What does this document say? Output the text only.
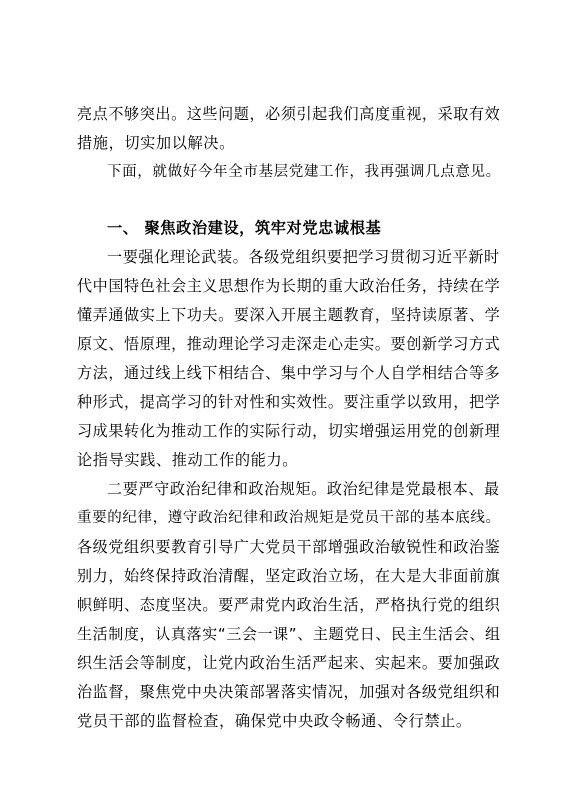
亮点不够突出。这些问题，必须引起我们高度重视，采取有效
措施，切实加以解决。
下面，就做好今年全市基层党建工作，我再强调几点意见。
一、 聚焦政治建设，筑牢对党忠诚根基
一要强化理论武装。各级党组织要把学习贯彻习近平新时
代中国特色社会主义思想作为长期的重大政治任务，持续在学
懂弄通做实上下功夫。要深入开展主题教育，坚持读原著、学
原文、悟原理，推动理论学习走深走心走实。要创新学习方式
方法，通过线上线下相结合、集中学习与个人自学相结合等多
种形式，提高学习的针对性和实效性。要注重学以致用，把学
习成果转化为推动工作的实际行动，切实增强运用党的创新理
论指导实践、推动工作的能力。
二要严守政治纪律和政治规矩。政治纪律是党最根本、最
重要的纪律，遵守政治纪律和政治规矩是党员干部的基本底线。
各级党组织要教育引导广大党员干部增强政治敏锐性和政治鉴
别力，始终保持政治清醒，坚定政治立场，在大是大非面前旗
帜鲜明、态度坚决。要严肃党内政治生活，严格执行党的组织
生活制度，认真落实“三会一课”、主题党日、民主生活会、组
织生活会等制度，让党内政治生活严起来、实起来。要加强政
治监督，聚焦党中央决策部署落实情况，加强对各级党组织和
党员干部的监督检查，确保党中央政令畅通、令行禁止。
